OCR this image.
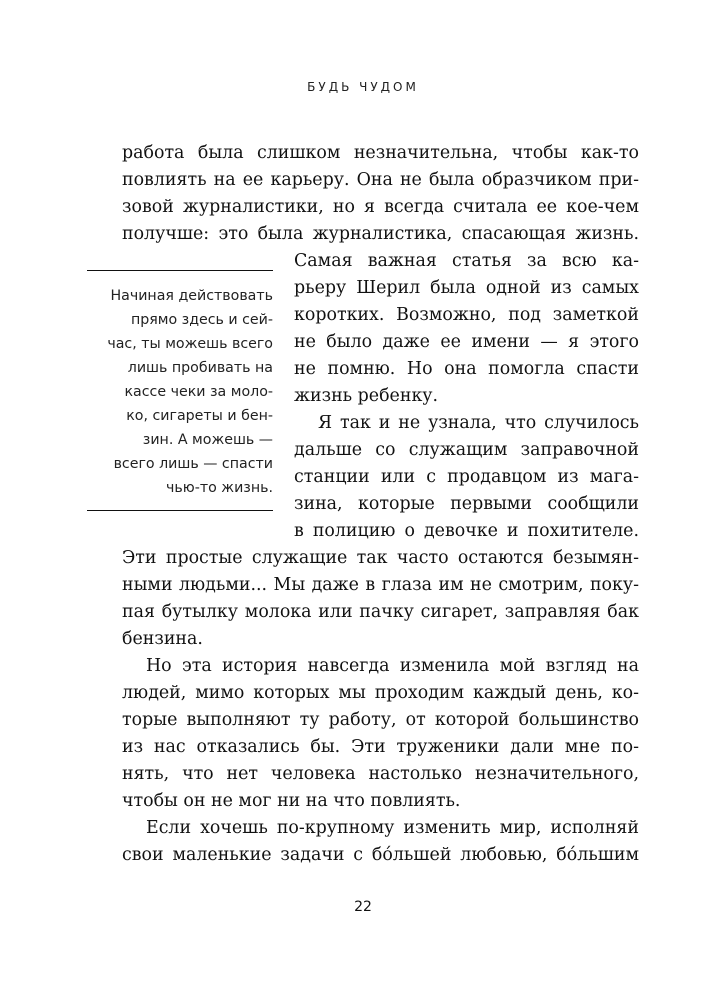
БУДЬ ЧУДОМ
работа была слишком незначительна, чтобы как-то
повлиять на ее карьеру. Она не была образчиком при-
зовой журналистики, но я всегда считала ее кое-чем
получше: это была журналистика, спасающая жизнь.
Самая важная статья за всю ка-
рьеру Шерил была одной из самых
коротких. Возможно, под заметкой
не было даже ее имени — я этого
не помню. Но она помогла спасти
жизнь ребенку.
Я так и не узнала, что случилось
дальше со служащим заправочной
станции или с продавцом из мага-
зина, которые первыми сообщили
в полицию о девочке и похитителе.
Эти простые служащие так часто остаются безымян-
ными людьми... Мы даже в глаза им не смотрим, поку-
пая бутылку молока или пачку сигарет, заправляя бак
бензина.
Но эта история навсегда изменила мой взгляд на
людей, мимо которых мы проходим каждый день, ко-
торые выполняют ту работу, от которой большинство
из нас отказались бы. Эти труженики дали мне по-
нять, что нет человека настолько незначительного,
чтобы он не мог ни на что повлиять.
Если хочешь по-крупному изменить мир, исполняй
свои маленькие задачи с бóльшей любовью, бóльшим
Начиная действовать
прямо здесь и сей-
час, ты можешь всего
лишь пробивать на
кассе чеки за моло-
ко, сигареты и бен-
зин. А можешь —
всего лишь — спасти
чью-то жизнь.
22
